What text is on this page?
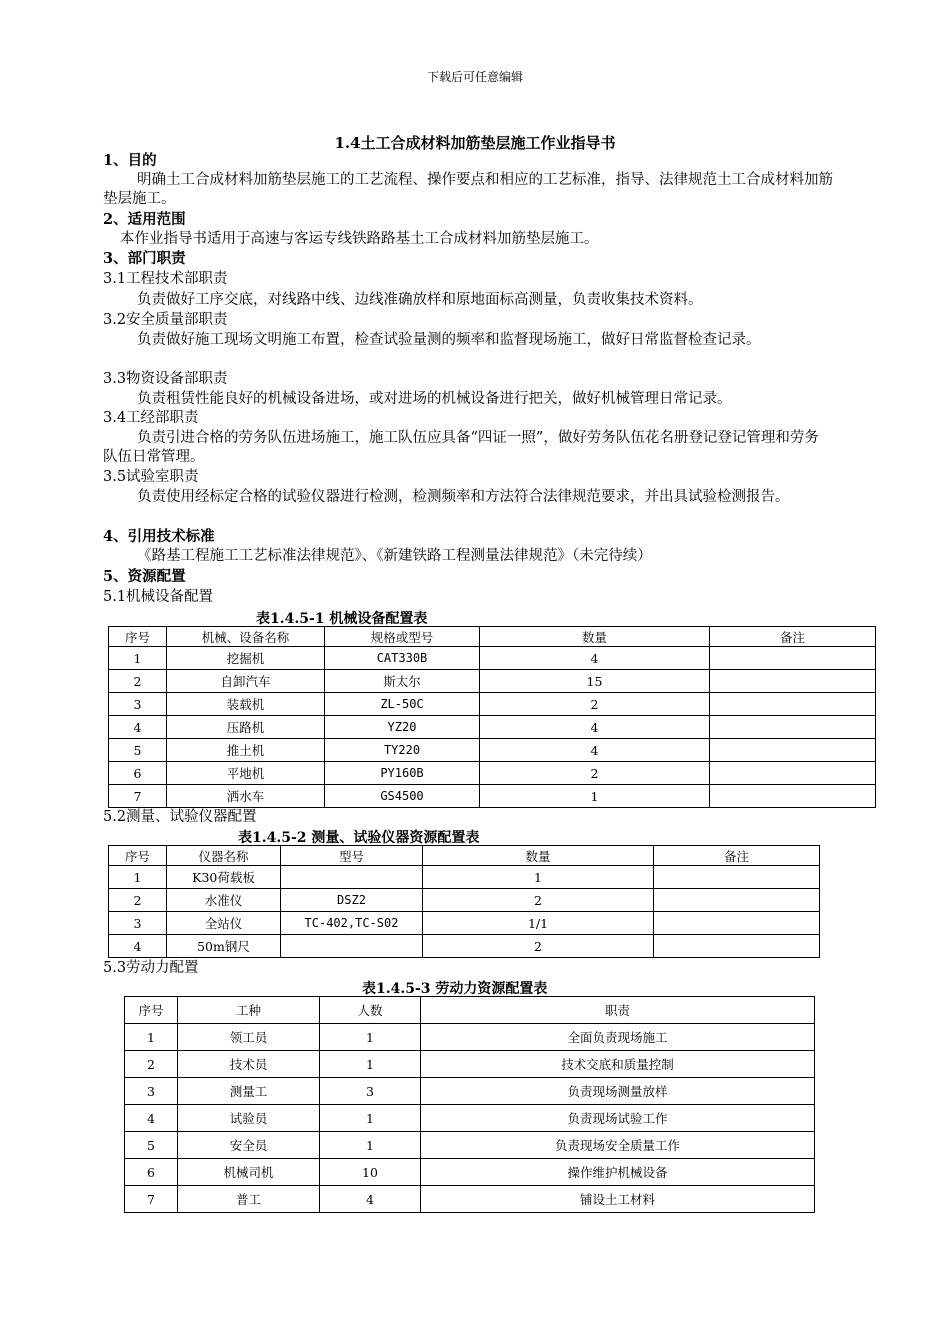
下载后可任意编辑
1.4土工合成材料加筋垫层施工作业指导书
1、目的
明确土工合成材料加筋垫层施工的工艺流程、操作要点和相应的工艺标准，指导、法律规范土工合成材料加筋垫层施工。
2、适用范围
本作业指导书适用于高速与客运专线铁路路基土工合成材料加筋垫层施工。
3、部门职责
3.1工程技术部职责
负责做好工序交底，对线路中线、边线准确放样和原地面标高测量，负责收集技术资料。
3.2安全质量部职责
负责做好施工现场文明施工布置，检查试验量测的频率和监督现场施工，做好日常监督检查记录。
3.3物资设备部职责
负责租赁性能良好的机械设备进场，或对进场的机械设备进行把关，做好机械管理日常记录。
3.4工经部职责
负责引进合格的劳务队伍进场施工，施工队伍应具备“四证一照”，做好劳务队伍花名册登记登记管理和劳务队伍日常管理。
3.5试验室职责
负责使用经标定合格的试验仪器进行检测，检测频率和方法符合法律规范要求，并出具试验检测报告。
4、引用技术标准
《路基工程施工工艺标准法律规范》、《新建铁路工程测量法律规范》（未完待续）
5、资源配置
5.1机械设备配置
表1.4.5-1 机械设备配置表
序号	机械、设备名称	规格或型号	数量	备注
1	挖掘机	CAT330B	4	
2	自卸汽车	斯太尔	15	
3	装载机	ZL-50C	2	
4	压路机	YZ20	4	
5	推土机	TY220	4	
6	平地机	PY160B	2	
7	洒水车	GS4500	1	
5.2测量、试验仪器配置
表1.4.5-2 测量、试验仪器资源配置表
序号	仪器名称	型号	数量	备注
1	K30荷载板		1	
2	水准仪	DSZ2	2	
3	全站仪	TC-402,TC-S02	1/1	
4	50m钢尺		2	
5.3劳动力配置
表1.4.5-3 劳动力资源配置表
序号	工种	人数	职责
1	领工员	1	全面负责现场施工
2	技术员	1	技术交底和质量控制
3	测量工	3	负责现场测量放样
4	试验员	1	负责现场试验工作
5	安全员	1	负责现场安全质量工作
6	机械司机	10	操作维护机械设备
7	普工	4	铺设土工材料
